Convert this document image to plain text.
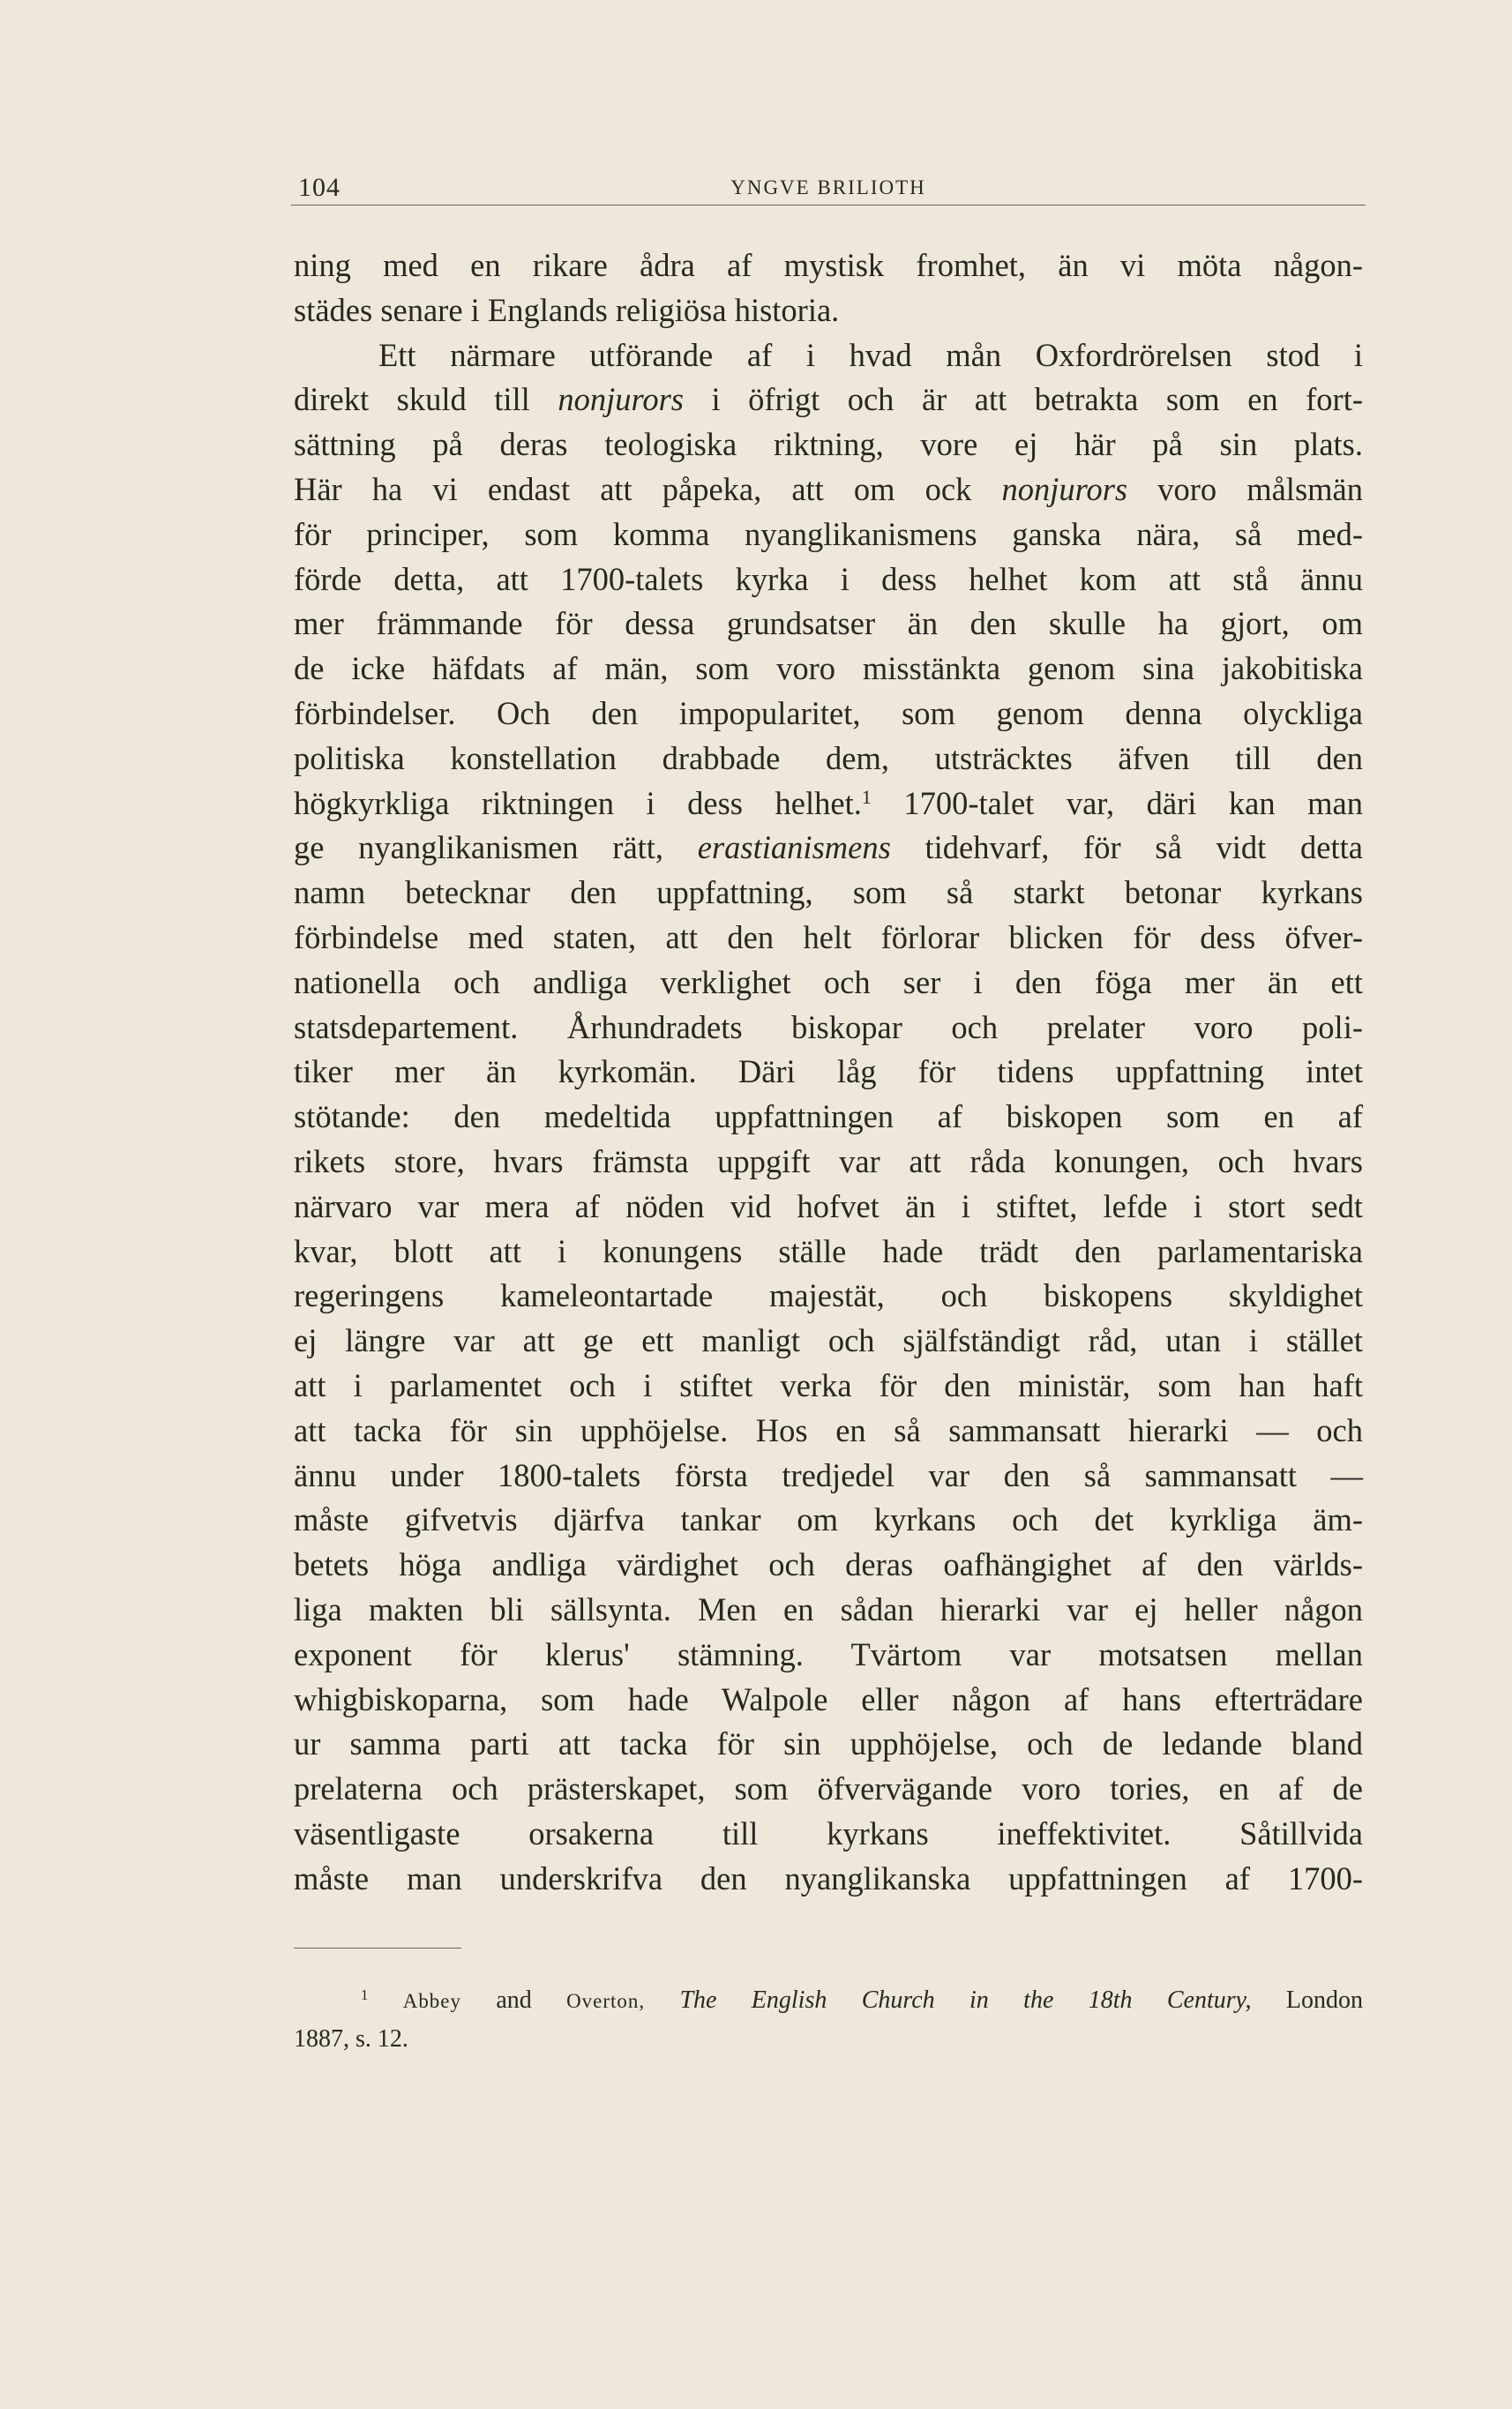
104	YNGVE BRILIOTH
ning med en rikare ådra af mystisk fromhet, än vi möta någon-
städes senare i Englands religiösa historia.
Ett närmare utförande af i hvad mån Oxfordrörelsen stod i
direkt skuld till nonjurors i öfrigt och är att betrakta som en fort-
sättning på deras teologiska riktning, vore ej här på sin plats.
Här ha vi endast att påpeka, att om ock nonjurors voro målsmän
för principer, som komma nyanglikanismens ganska nära, så med-
förde detta, att 1700-talets kyrka i dess helhet kom att stå ännu
mer främmande för dessa grundsatser än den skulle ha gjort, om
de icke häfdats af män, som voro misstänkta genom sina jakobitiska
förbindelser. Och den impopularitet, som genom denna olyckliga
politiska konstellation drabbade dem, utsträcktes äfven till den
högkyrkliga riktningen i dess helhet.$^1$ 1700-talet var, däri kan man
ge nyanglikanismen rätt, erastianismens tidehvarf, för så vidt detta
namn betecknar den uppfattning, som så starkt betonar kyrkans
förbindelse med staten, att den helt förlorar blicken för dess öfver-
nationella och andliga verklighet och ser i den föga mer än ett
statsdepartement. Århundradets biskopar och prelater voro poli-
tiker mer än kyrkomän. Däri låg för tidens uppfattning intet
stötande: den medeltida uppfattningen af biskopen som en af
rikets store, hvars främsta uppgift var att råda konungen, och hvars
närvaro var mera af nöden vid hofvet än i stiftet, lefde i stort sedt
kvar, blott att i konungens ställe hade trädt den parlamentariska
regeringens kameleontartade majestät, och biskopens skyldighet
ej längre var att ge ett manligt och själfständigt råd, utan i stället
att i parlamentet och i stiftet verka för den ministär, som han haft
att tacka för sin upphöjelse. Hos en så sammansatt hierarki — och
ännu under 1800-talets första tredjedel var den så sammansatt —
måste gifvetvis djärfva tankar om kyrkans och det kyrkliga äm-
betets höga andliga värdighet och deras oafhängighet af den världs-
liga makten bli sällsynta. Men en sådan hierarki var ej heller någon
exponent för klerus' stämning. Tvärtom var motsatsen mellan
whigbiskoparna, som hade Walpole eller någon af hans efterträdare
ur samma parti att tacka för sin upphöjelse, och de ledande bland
prelaterna och prästerskapet, som öfvervägande voro tories, en af de
väsentligaste orsakerna till kyrkans ineffektivitet. Såtillvida
måste man underskrifva den nyanglikanska uppfattningen af 1700-
$^1$ Abbey and Overton, The English Church in the 18th Century, London
1887, s. 12.
